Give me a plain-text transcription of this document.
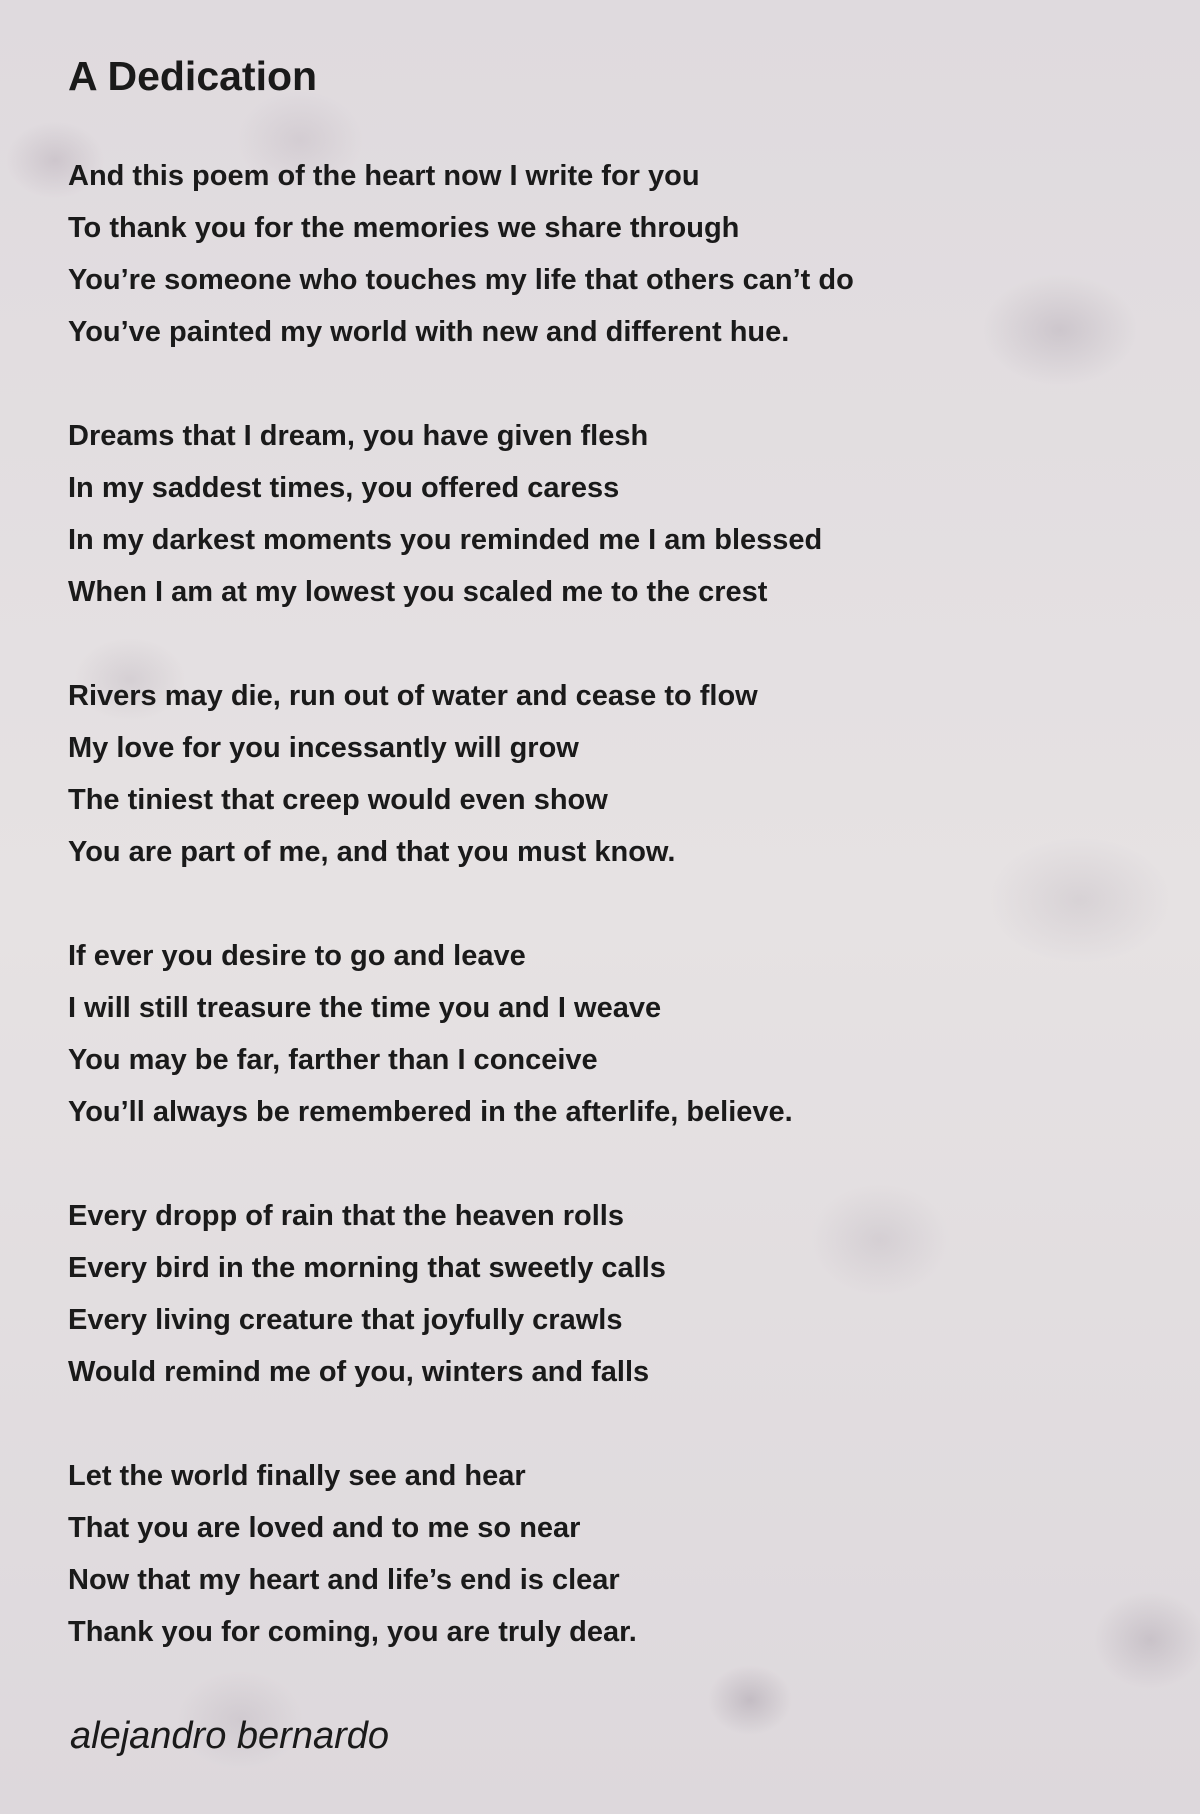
A Dedication
And this poem of the heart now I write for you
To thank you for the memories we share through
You’re someone who touches my life that others can’t do
You’ve painted my world with new and different hue.
Dreams that I dream, you have given flesh
In my saddest times, you offered caress
In my darkest moments you reminded me I am blessed
When I am at my lowest you scaled me to the crest
Rivers may die, run out of water and cease to flow
My love for you incessantly will grow
The tiniest that creep would even show
You are part of me, and that you must know.
If ever you desire to go and leave
I will still treasure the time you and I weave
You may be far, farther than I conceive
You’ll always be remembered in the afterlife, believe.
Every dropp of rain that the heaven rolls
Every bird in the morning that sweetly calls
Every living creature that joyfully crawls
Would remind me of you, winters and falls
Let the world finally see and hear
That you are loved and to me so near
Now that my heart and life’s end is clear
Thank you for coming, you are truly dear.
alejandro bernardo
